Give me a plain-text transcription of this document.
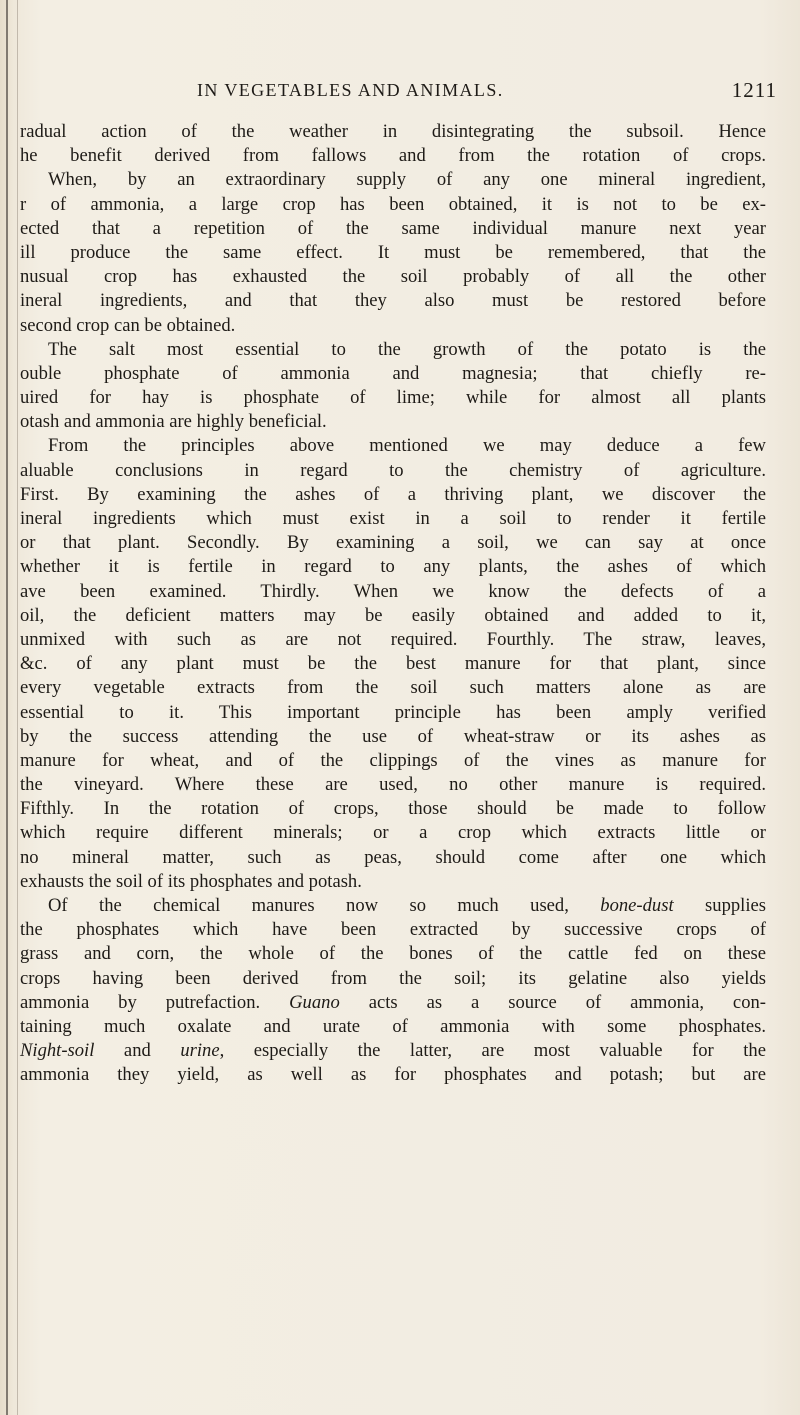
IN VEGETABLES AND ANIMALS.	1211
radual action of the weather in disintegrating the subsoil. Hence
he benefit derived from fallows and from the rotation of crops.
When, by an extraordinary supply of any one mineral ingredient,
r of ammonia, a large crop has been obtained, it is not to be ex-
ected that a repetition of the same individual manure next year
ill produce the same effect. It must be remembered, that the
nusual crop has exhausted the soil probably of all the other
ineral ingredients, and that they also must be restored before
second crop can be obtained.
The salt most essential to the growth of the potato is the
ouble phosphate of ammonia and magnesia; that chiefly re-
uired for hay is phosphate of lime; while for almost all plants
otash and ammonia are highly beneficial.
From the principles above mentioned we may deduce a few
aluable conclusions in regard to the chemistry of agriculture.
First. By examining the ashes of a thriving plant, we discover the
ineral ingredients which must exist in a soil to render it fertile
or that plant. Secondly. By examining a soil, we can say at once
whether it is fertile in regard to any plants, the ashes of which
ave been examined. Thirdly. When we know the defects of a
oil, the deficient matters may be easily obtained and added to it,
unmixed with such as are not required. Fourthly. The straw, leaves,
&c. of any plant must be the best manure for that plant, since
every vegetable extracts from the soil such matters alone as are
essential to it. This important principle has been amply verified
by the success attending the use of wheat-straw or its ashes as
manure for wheat, and of the clippings of the vines as manure for
the vineyard. Where these are used, no other manure is required.
Fifthly. In the rotation of crops, those should be made to follow
which require different minerals; or a crop which extracts little or
no mineral matter, such as peas, should come after one which
exhausts the soil of its phosphates and potash.
Of the chemical manures now so much used, bone-dust supplies
the phosphates which have been extracted by successive crops of
grass and corn, the whole of the bones of the cattle fed on these
crops having been derived from the soil; its gelatine also yields
ammonia by putrefaction. Guano acts as a source of ammonia, con-
taining much oxalate and urate of ammonia with some phosphates.
Night-soil and urine, especially the latter, are most valuable for the
ammonia they yield, as well as for phosphates and potash; but are
